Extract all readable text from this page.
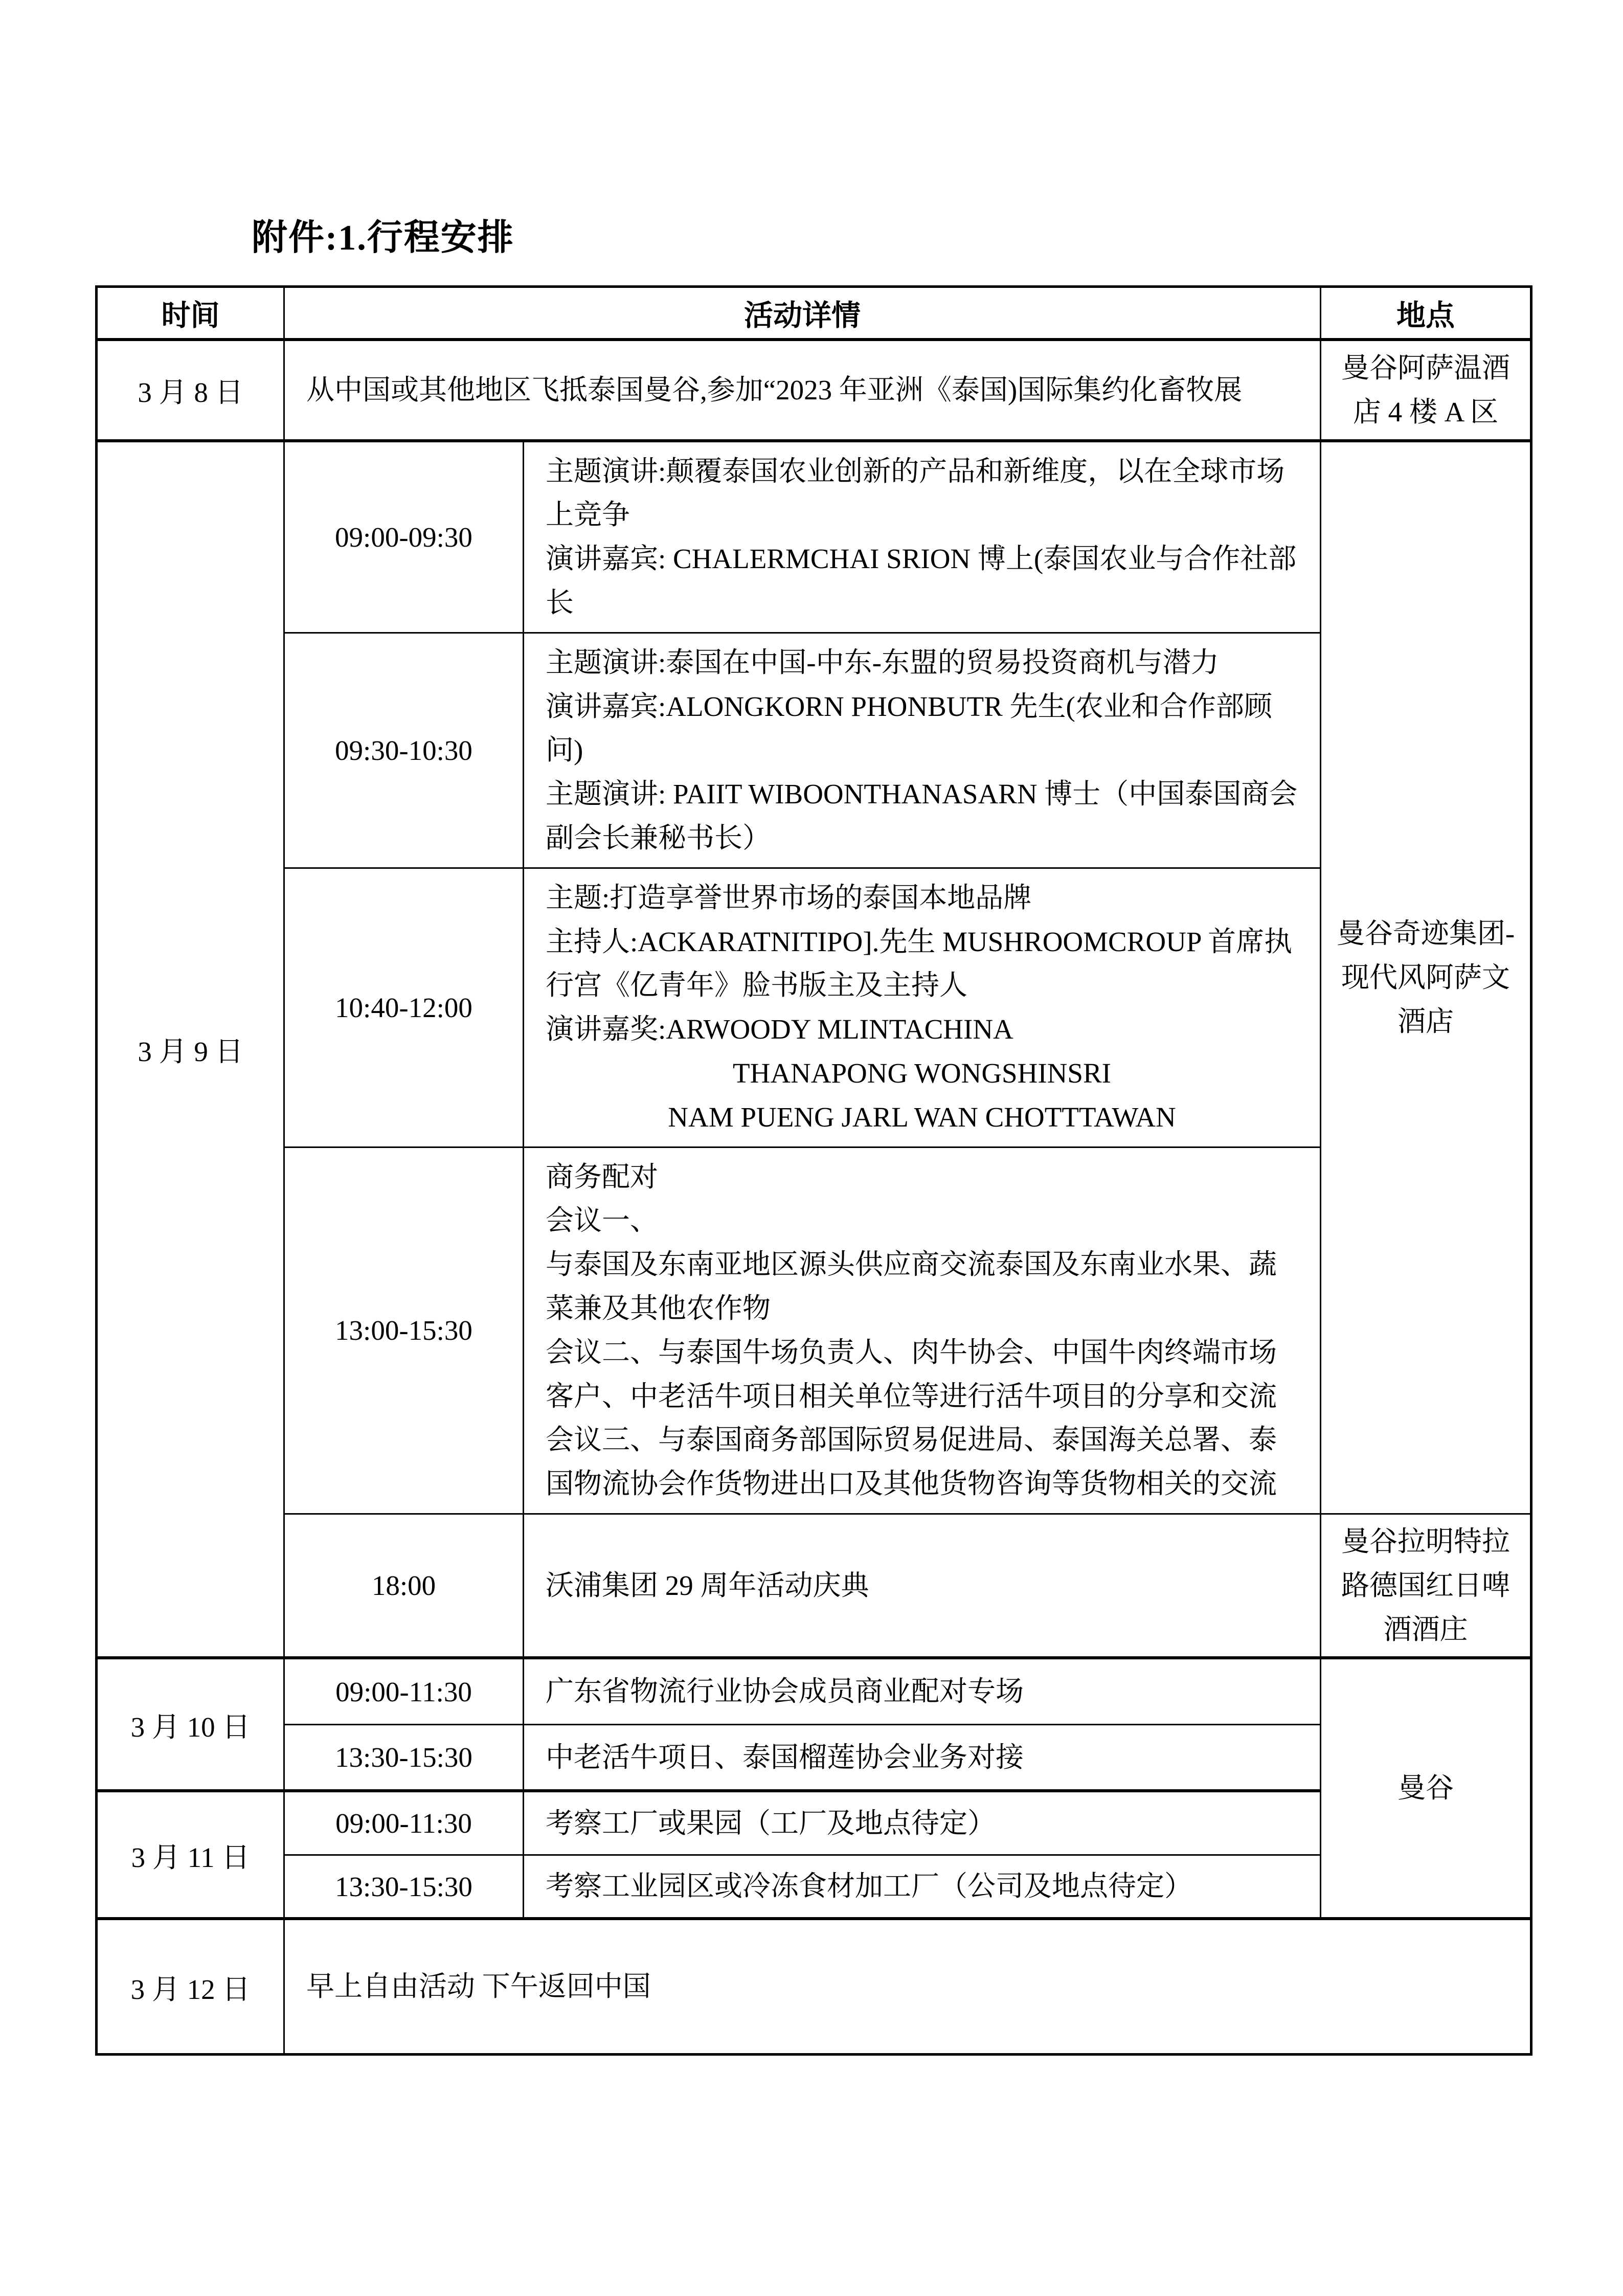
附件:1.行程安排
时间	活动详情		地点
3 月 8 日	从中国或其他地区飞抵泰国曼谷,参加“2023 年亚洲《泰国)国际集约化畜牧展		曼谷阿萨温酒店 4 楼 A 区
3 月 9 日	09:00-09:30	主题演讲:颠覆泰国农业创新的产品和新维度，以在全球市场上竞争
演讲嘉宾: CHALERMCHAI SRION 博上(泰国农业与合作社部长	曼谷奇迹集团-现代风阿萨文酒店
	09:30-10:30	主题演讲:泰国在中国-中东-东盟的贸易投资商机与潜力
演讲嘉宾:ALONGKORN PHONBUTR 先生(农业和合作部顾问)
主题演讲: PAIIT WIBOONTHANASARN 博士（中国泰国商会副会长兼秘书长）	

	10:40-12:00	主题:打造享誉世界市场的泰国本地品牌
主持人:ACKARATNITIPO].先生 MUSHROOMCROUP 首席执行宫《亿青年》脸书版主及主持人
演讲嘉奖:ARWOODY MLINTACHINA
THANAPONG WONGSHINSRI
NAM PUENG JARL WAN CHOTTTAWAN	

	13:00-15:30	商务配对
会议一、
与泰国及东南亚地区源头供应商交流泰国及东南业水果、蔬菜兼及其他农作物
会议二、与泰国牛场负责人、肉牛协会、中国牛肉终端市场客户、中老活牛项日相关单位等进行活牛项目的分享和交流
会议三、与泰国商务部国际贸易促进局、泰国海关总署、泰国物流协会作货物进出口及其他货物咨询等货物相关的交流	

	18:00	沃浦集团 29 周年活动庆典	曼谷拉明特拉路德国红日啤酒酒庄
3 月 10 日	09:00-11:30	广东省物流行业协会成员商业配对专场	曼谷
	13:30-15:30	中老活牛项日、泰国榴莲协会业务对接	

3 月 11 日	09:00-11:30	考察工厂或果园（工厂及地点待定）	

	13:30-15:30	考察工业园区或冷冻食材加工厂（公司及地点待定）	

3 月 12 日	早上自由活动 下午返回中国		
